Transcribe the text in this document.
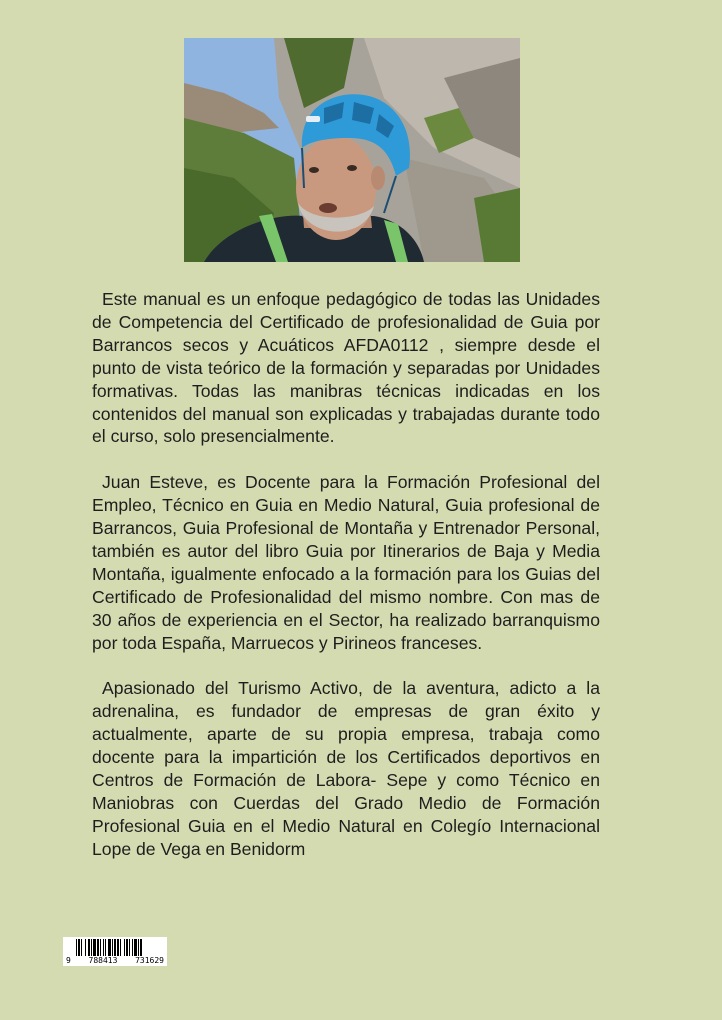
Este manual es un enfoque pedagógico de todas las Unidades de Competencia del Certificado de profesionalidad de Guia por Barrancos secos y Acuáticos AFDA0112 , siempre desde el punto de vista teórico de la formación y separadas por Unidades formativas. Todas las manibras técnicas indicadas en los contenidos del manual son explicadas y trabajadas durante todo el curso, solo presencialmente.

Juan Esteve, es Docente para la Formación Profesional del Empleo, Técnico en Guia en Medio Natural, Guia profesional de Barrancos, Guia Profesional de Montaña y Entrenador Personal, también es autor del libro Guia por Itinerarios de Baja y Media Montaña, igualmente enfocado a la formación para los Guias del Certificado de Profesionalidad del mismo nombre. Con mas de 30 años de experiencia en el Sector, ha realizado barranquismo por toda España, Marruecos y Pirineos franceses.

Apasionado del Turismo Activo, de la aventura, adicto a la adrenalina, es fundador de empresas de gran éxito y actualmente, aparte de su propia empresa, trabaja como docente para la impartición de los Certificados deportivos en Centros de Formación de Labora- Sepe y como Técnico en Maniobras con Cuerdas del Grado Medio de Formación Profesional Guia en el Medio Natural en Colegío Internacional Lope de Vega en Benidorm

9 788413 731629
